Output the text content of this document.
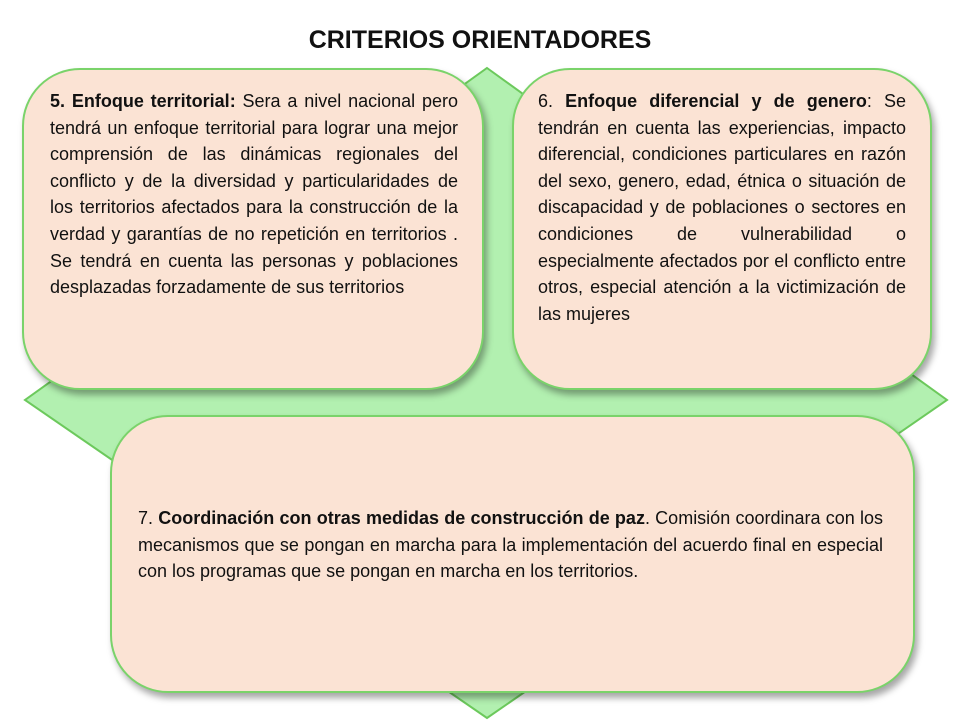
CRITERIOS ORIENTADORES

5. Enfoque territorial: Sera a nivel nacional pero tendrá un enfoque territorial para lograr una mejor comprensión de las dinámicas regionales del conflicto y de la diversidad y particularidades de los territorios afectados para la construcción de la verdad y garantías de no repetición en territorios . Se tendrá en cuenta las personas y poblaciones desplazadas forzadamente de sus territorios

6. Enfoque diferencial y de genero: Se tendrán en cuenta las experiencias, impacto diferencial, condiciones particulares en razón del sexo, genero, edad, étnica o situación de discapacidad y de poblaciones o sectores en condiciones de vulnerabilidad o especialmente afectados por el conflicto entre otros, especial atención a la victimización de las mujeres

7. Coordinación con otras medidas de construcción de paz. Comisión coordinara con los mecanismos que se pongan en marcha para la implementación del acuerdo final en especial con los programas que se pongan en marcha en los territorios.
